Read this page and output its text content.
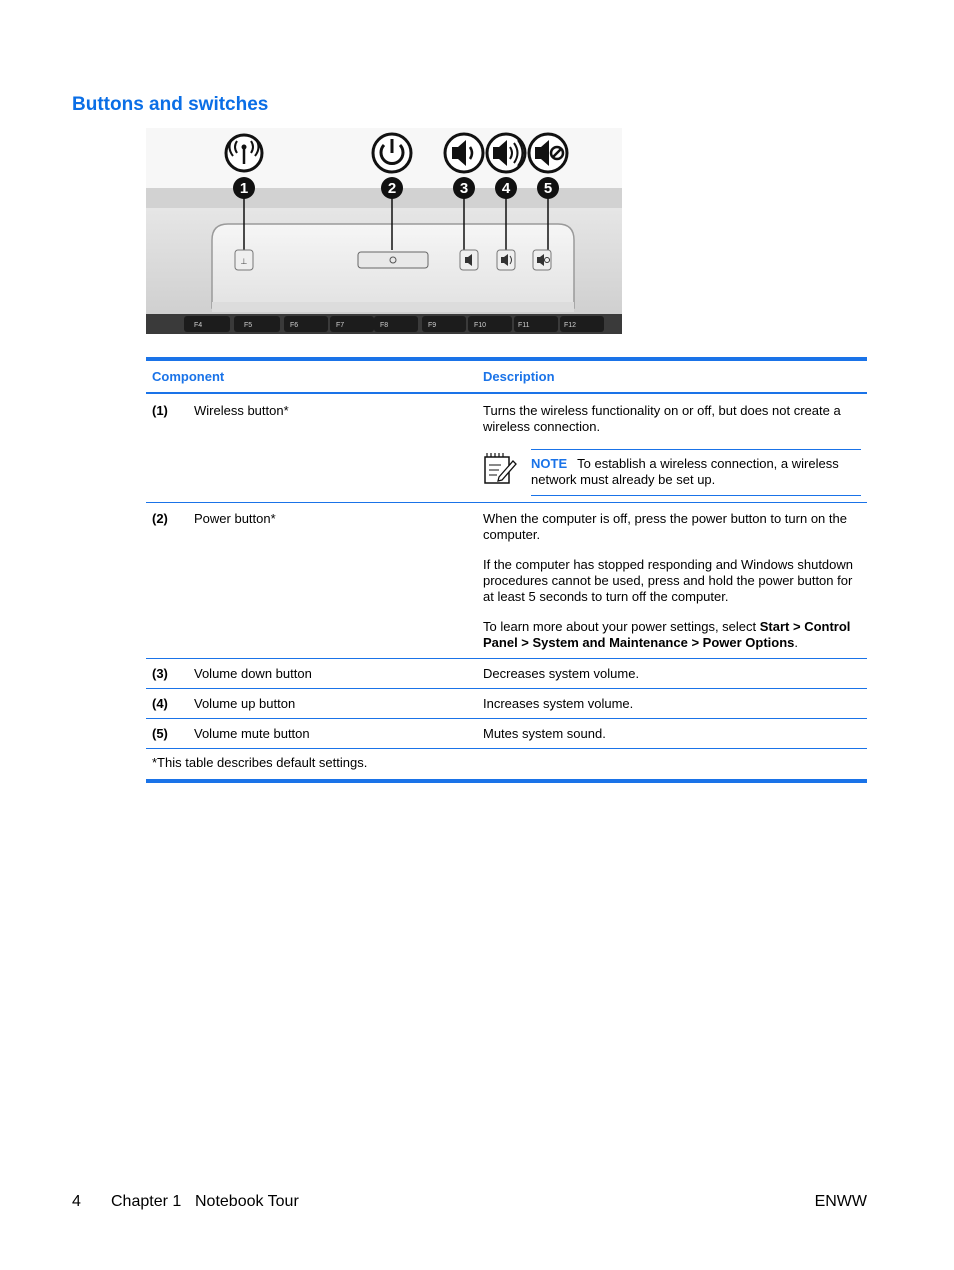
Buttons and switches
F4	F5	F6	F7	F8	F9	F10	F11	F12
⊥
1	2	3 4 5
Component	Description
(1)	Wireless button*	Turns the wireless functionality on or off, but does not create a wireless connection.

NOTE To establish a wireless connection, a wireless network must already be set up.
(2)	Power button*	When the computer is off, press the power button to turn on the computer.

If the computer has stopped responding and Windows shutdown procedures cannot be used, press and hold the power button for at least 5 seconds to turn off the computer.

To learn more about your power settings, select Start > Control Panel > System and Maintenance > Power Options.

(3)	Volume down button	Decreases system volume.
(4)	Volume up button	Increases system volume.
(5)	Volume mute button	Mutes system sound.
*This table describes default settings.
4 Chapter 1 Notebook Tour	ENWW
